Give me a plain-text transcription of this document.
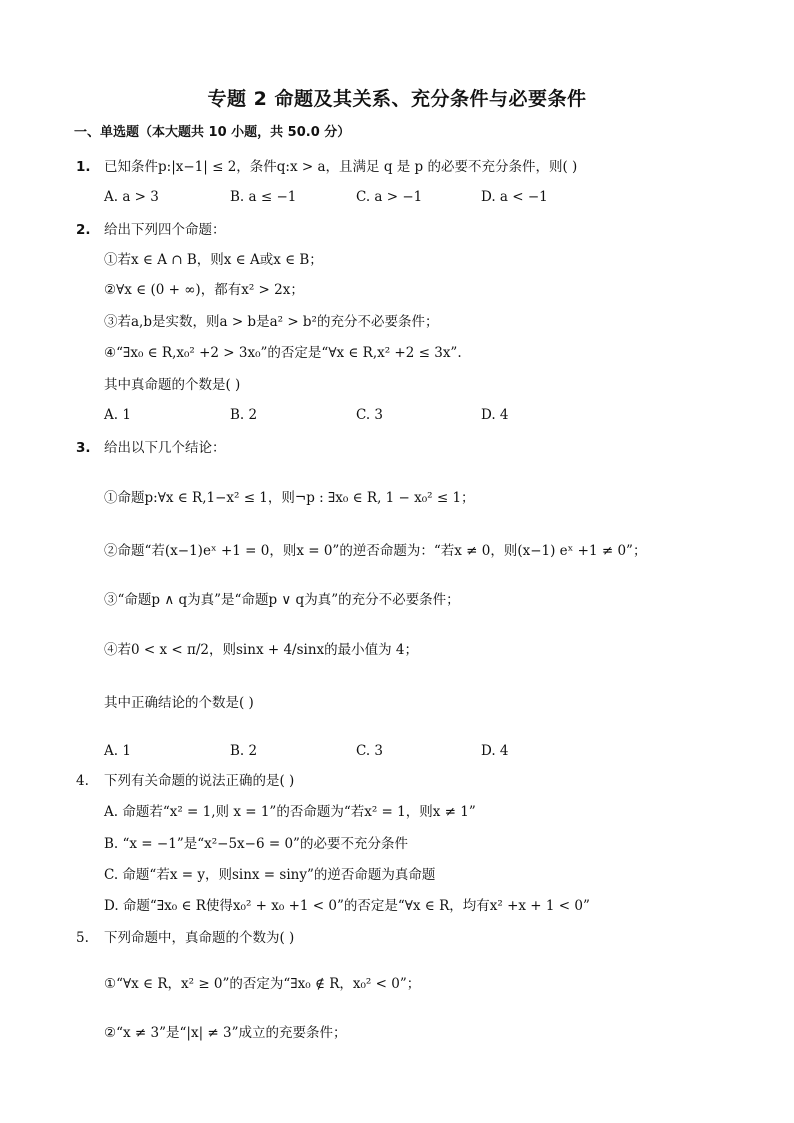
专题 2 命题及其关系、充分条件与必要条件
一、单选题（本大题共 10 小题，共 50.0 分）
1. 已知条件p:|x−1| ≤ 2，条件q:x > a，且满足 q 是 p 的必要不充分条件，则( )
A. a > 3	B. a ≤ −1	C. a > −1	D. a < −1
2. 给出下列四个命题：
①若x ∈ A ∩ B，则x ∈ A或x ∈ B；
②∀x ∈ (0 + ∞)，都有x² > 2x；
③若a,b是实数，则a > b是a² > b²的充分不必要条件；
④“∃x₀ ∈ R,x₀² +2 > 3x₀”的否定是“∀x ∈ R,x² +2 ≤ 3x”.
其中真命题的个数是( )
A. 1	B. 2	C. 3	D. 4
3. 给出以下几个结论：
①命题p:∀x ∈ R,1−x² ≤ 1，则¬p : ∃x₀ ∈ R, 1 − x₀² ≤ 1；
②命题“若(x−1)eˣ +1 = 0，则x = 0”的逆否命题为：“若x ≠ 0，则(x−1) eˣ +1 ≠ 0”；
③“命题p ∧ q为真”是“命题p ∨ q为真”的充分不必要条件；
④若0 < x < π/2，则sinx + 4/sinx的最小值为 4；
其中正确结论的个数是( )
A. 1	B. 2	C. 3	D. 4
4. 下列有关命题的说法正确的是( )
A. 命题若“x² = 1,则 x = 1”的否命题为“若x² = 1，则x ≠ 1”
B. “x = −1”是“x²−5x−6 = 0”的必要不充分条件
C. 命题“若x = y，则sinx = siny”的逆否命题为真命题
D. 命题“∃x₀ ∈ R使得x₀² + x₀ +1 < 0”的否定是“∀x ∈ R，均有x² +x + 1 < 0”
5. 下列命题中，真命题的个数为( )
①“∀x ∈ R，x² ≥ 0”的否定为“∃x₀ ∉ R，x₀² < 0”；
②“x ≠ 3”是“|x| ≠ 3”成立的充要条件；
